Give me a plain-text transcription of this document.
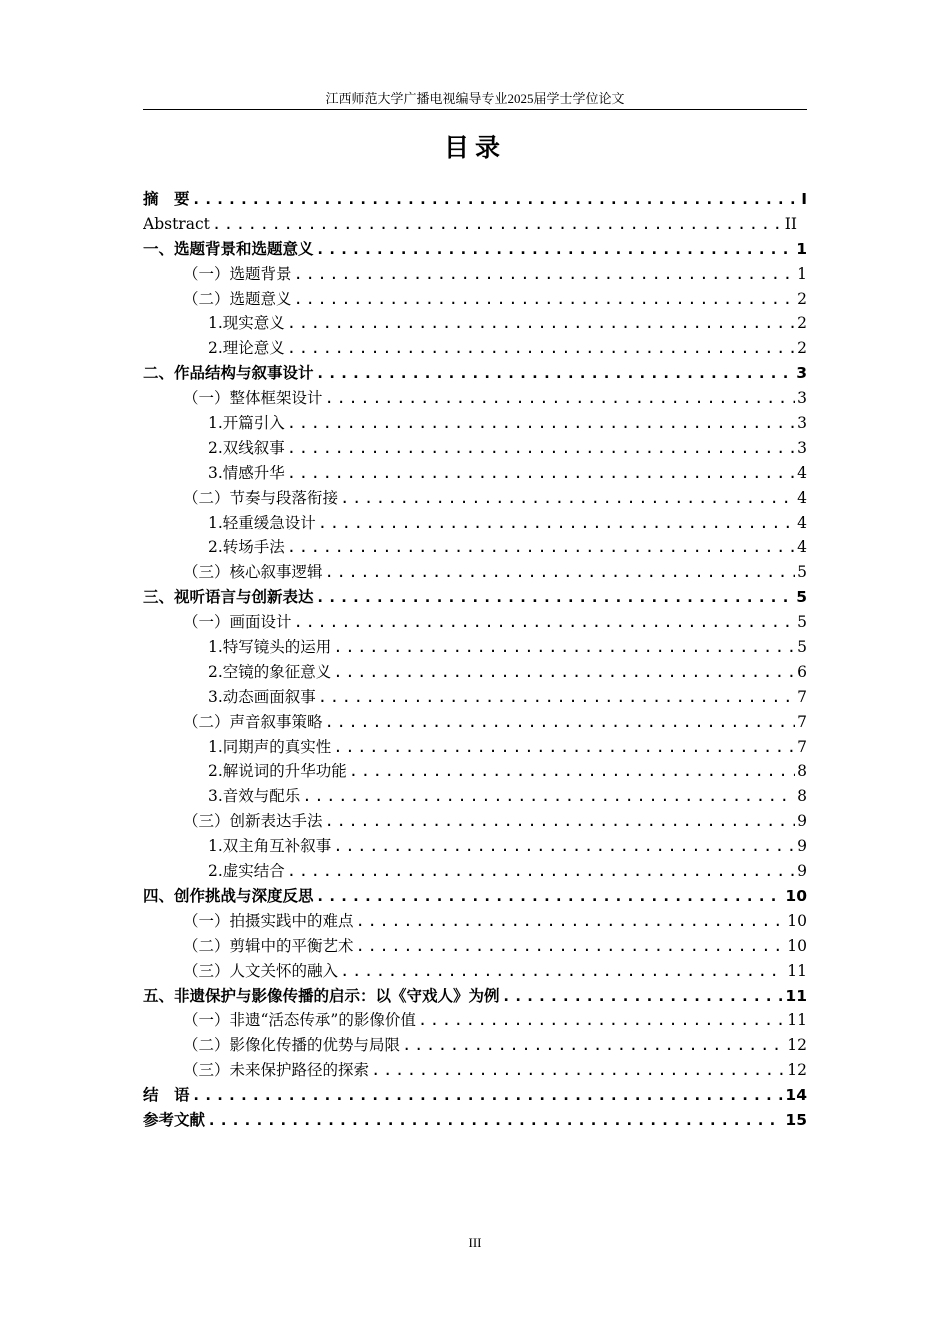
江西师范大学广播电视编导专业2025届学士学位论文
目录
摘　要 .....	I
Abstract .....	II
一、选题背景和选题意义 .....	1
（一）选题背景 .....	1
（二）选题意义 .....	2
1.现实意义 .....	2
2.理论意义 .....	2
二、作品结构与叙事设计 .....	3
（一）整体框架设计 .....	3
1.开篇引入 .....	3
2.双线叙事 .....	3
3.情感升华 .....	4
（二）节奏与段落衔接 .....	4
1.轻重缓急设计 .....	4
2.转场手法 .....	4
（三）核心叙事逻辑 .....	5
三、视听语言与创新表达 .....	5
（一）画面设计 .....	5
1.特写镜头的运用 .....	5
2.空镜的象征意义 .....	6
3.动态画面叙事 .....	7
（二）声音叙事策略 .....	7
1.同期声的真实性 .....	7
2.解说词的升华功能 .....	8
3.音效与配乐 .....	8
（三）创新表达手法 .....	9
1.双主角互补叙事 .....	9
2.虚实结合 .....	9
四、创作挑战与深度反思 .....	10
（一）拍摄实践中的难点 .....	10
（二）剪辑中的平衡艺术 .....	10
（三）人文关怀的融入 .....	11
五、非遗保护与影像传播的启示：以《守戏人》为例 .....	11
（一）非遗“活态传承”的影像价值 .....	11
（二）影像化传播的优势与局限 .....	12
（三）未来保护路径的探索 .....	12
结　语 .....	14
参考文献 .....	15
III
